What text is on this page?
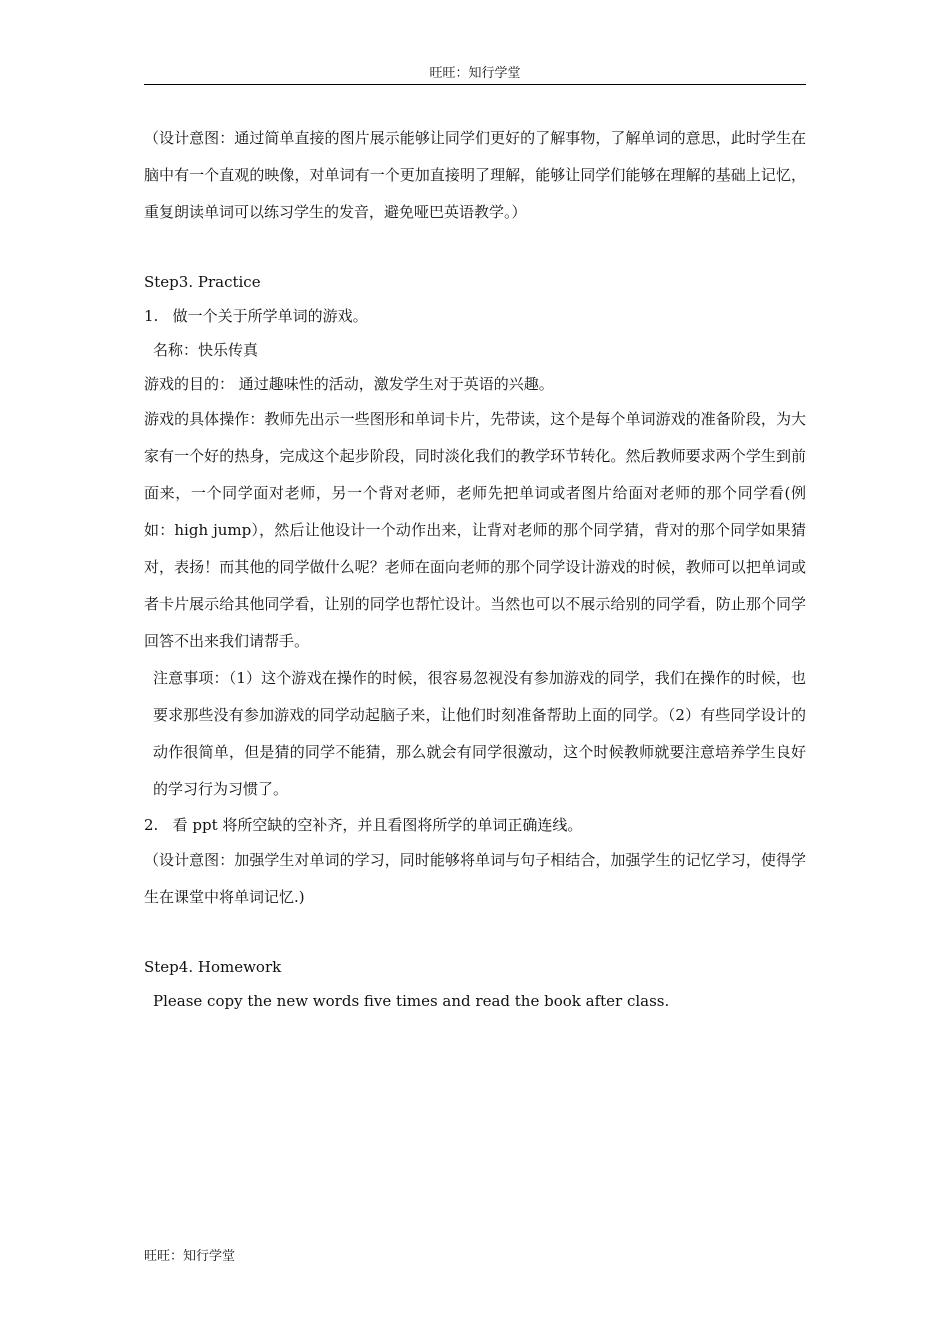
旺旺：知行学堂

（设计意图：通过简单直接的图片展示能够让同学们更好的了解事物，了解单词的意思，此时学生在脑中有一个直观的映像，对单词有一个更加直接明了理解，能够让同学们能够在理解的基础上记忆，重复朗读单词可以练习学生的发音，避免哑巴英语教学。）

Step3. Practice

1.   做一个关于所学单词的游戏。

名称：快乐传真

游戏的目的： 通过趣味性的活动，激发学生对于英语的兴趣。

游戏的具体操作：教师先出示一些图形和单词卡片，先带读，这个是每个单词游戏的准备阶段，为大家有一个好的热身，完成这个起步阶段，同时淡化我们的教学环节转化。然后教师要求两个学生到前面来，一个同学面对老师，另一个背对老师，老师先把单词或者图片给面对老师的那个同学看(例如：high jump），然后让他设计一个动作出来，让背对老师的那个同学猜，背对的那个同学如果猜对，表扬！而其他的同学做什么呢？老师在面向老师的那个同学设计游戏的时候，教师可以把单词或者卡片展示给其他同学看，让别的同学也帮忙设计。当然也可以不展示给别的同学看，防止那个同学回答不出来我们请帮手。

注意事项：（1）这个游戏在操作的时候，很容易忽视没有参加游戏的同学，我们在操作的时候，也要求那些没有参加游戏的同学动起脑子来，让他们时刻准备帮助上面的同学。（2）有些同学设计的动作很简单，但是猜的同学不能猜，那么就会有同学很激动，这个时候教师就要注意培养学生良好的学习行为习惯了。

2.   看 ppt 将所空缺的空补齐，并且看图将所学的单词正确连线。

（设计意图：加强学生对单词的学习，同时能够将单词与句子相结合，加强学生的记忆学习，使得学生在课堂中将单词记忆.)

Step4. Homework

Please copy the new words five times and read the book after class.

旺旺：知行学堂
